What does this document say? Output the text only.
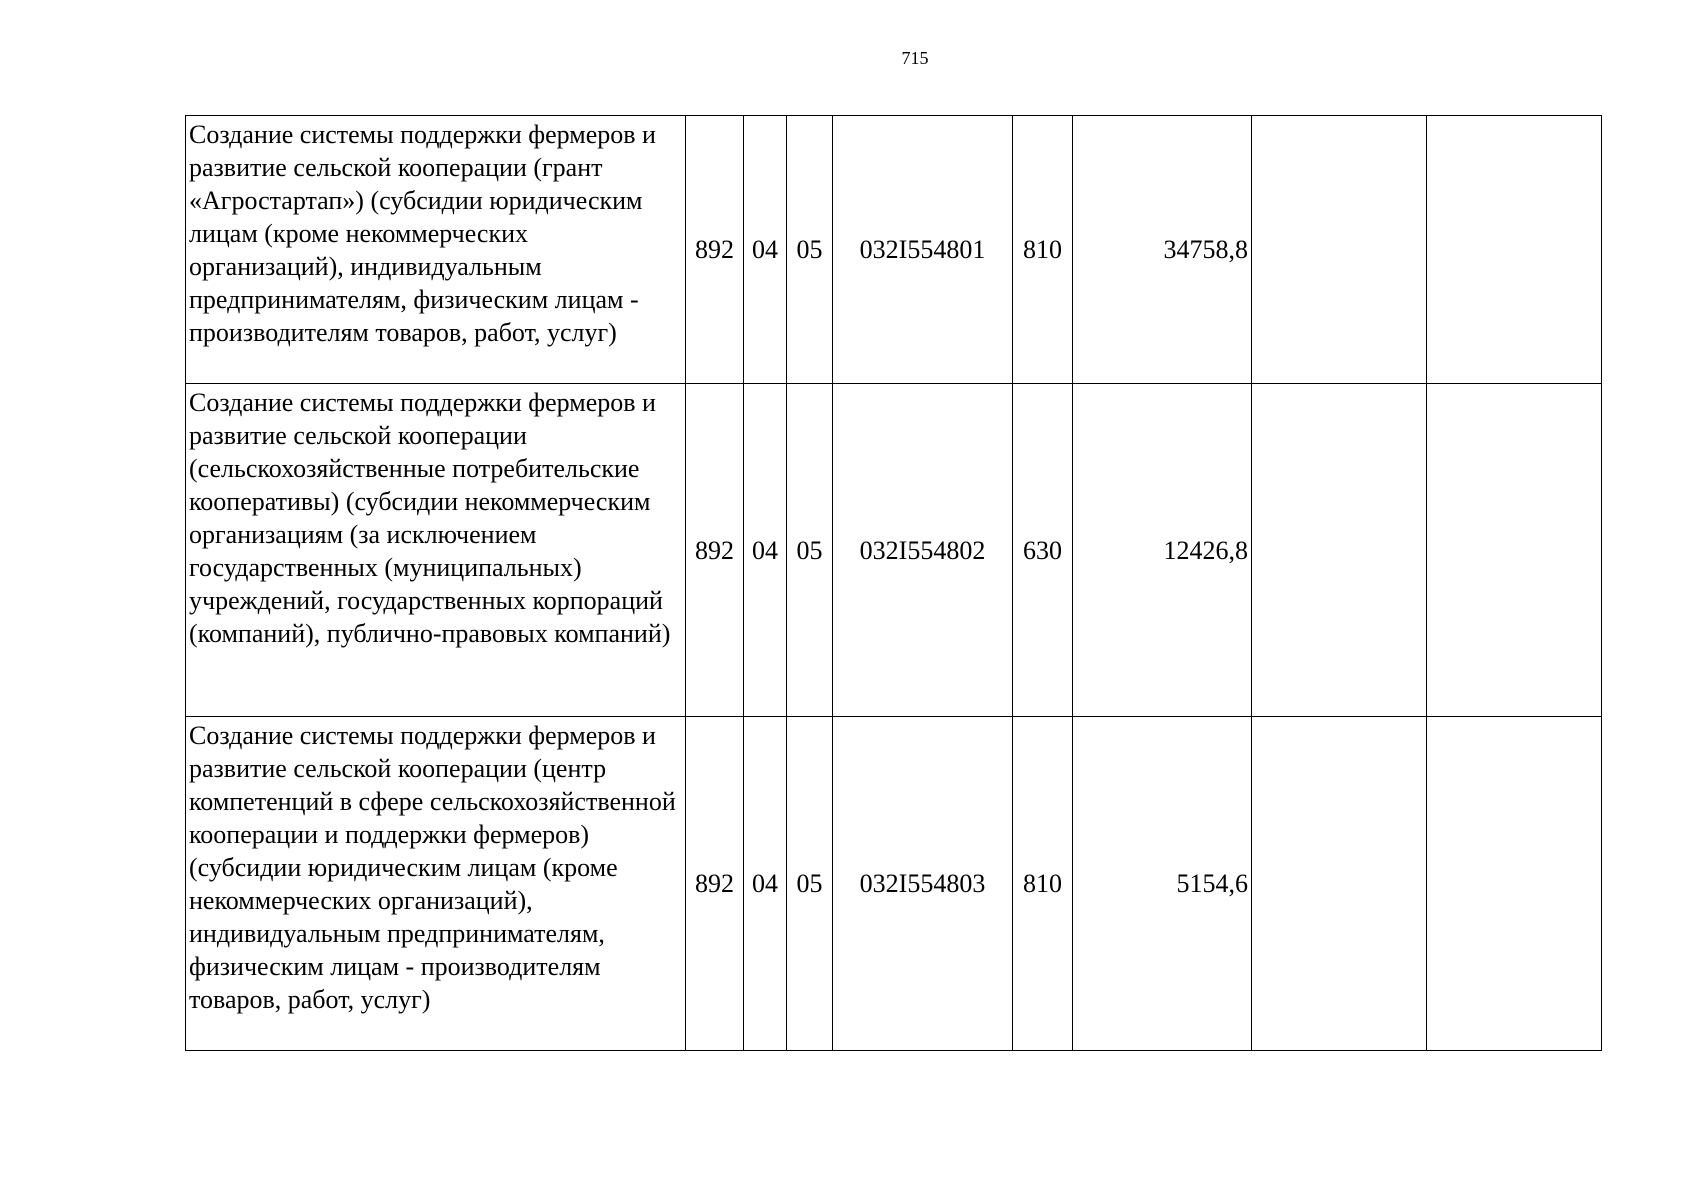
715
Создание системы поддержки фермеров и развитие сельской кооперации (грант «Агростартап») (субсидии юридическим лицам (кроме некоммерческих организаций), индивидуальным предпринимателям, физическим лицам - производителям товаров, работ, услуг)	892	04	05	032I554801	810	34758,8		
Создание системы поддержки фермеров и развитие сельской кооперации (сельскохозяйственные потребительские кооперативы) (субсидии некоммерческим организациям (за исключением государственных (муниципальных) учреждений, государственных корпораций (компаний), публично-правовых компаний)	892	04	05	032I554802	630	12426,8		
Создание системы поддержки фермеров и развитие сельской кооперации (центр компетенций в сфере сельскохозяйственной кооперации и поддержки фермеров) (субсидии юридическим лицам (кроме некоммерческих организаций), индивидуальным предпринимателям, физическим лицам - производителям товаров, работ, услуг)	892	04	05	032I554803	810	5154,6		
